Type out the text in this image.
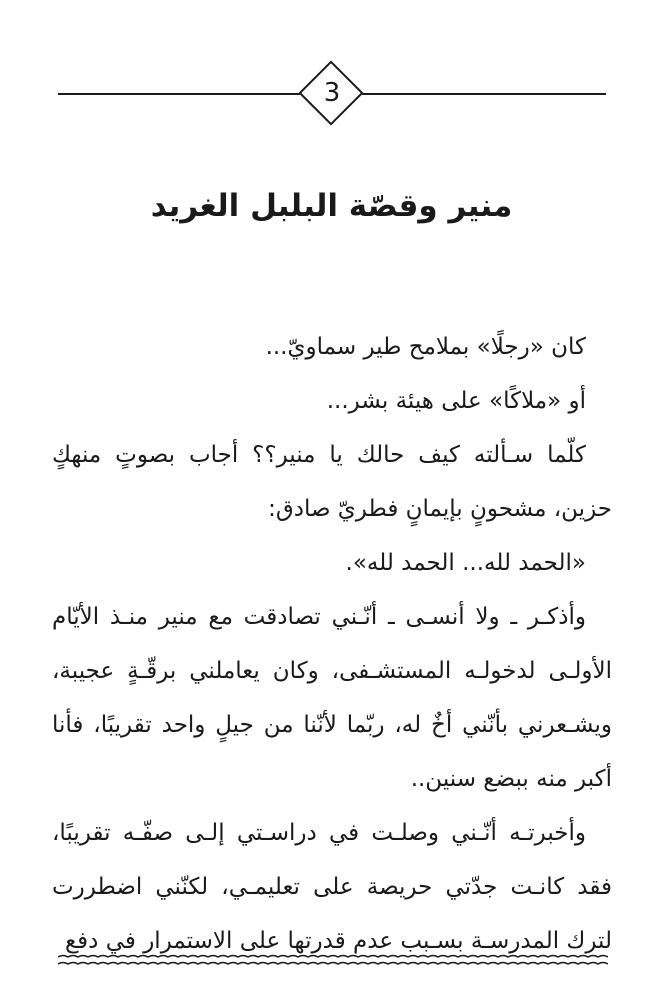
3
منير وقصّة البلبل الغريد

كان «رجلًا» بملامح طير سماويّ...

أو «ملاكًا» على هيئة بشر...

كلّما سـألته كيف حالك يا منير؟؟ أجاب بصوتٍ منهكٍ حزين، مشحونٍ بإيمانٍ فطريّ صادق:

«الحمد لله... الحمد لله».

وأذكـر ـ ولا أنسـى ـ أنّـني تصادقت مع منير منـذ الأيّام الأولـى لدخولـه المستشـفى، وكان يعاملني برقّـةٍ عجيبة، ويشـعرني بأنّني أخٌ له، ربّما لأنّنا من جيلٍ واحد تقريبًا، فأنا أكبر منه ببضع سنين..

وأخبرتـه أنّـني وصلـت في دراسـتي إلـى صفّـه تقريبًا، فقد كانـت جدّتي حريصة على تعليمـي، لكنّني اضطررت لترك المدرسـة بسـبب عدم قدرتها على الاستمرار في دفع
